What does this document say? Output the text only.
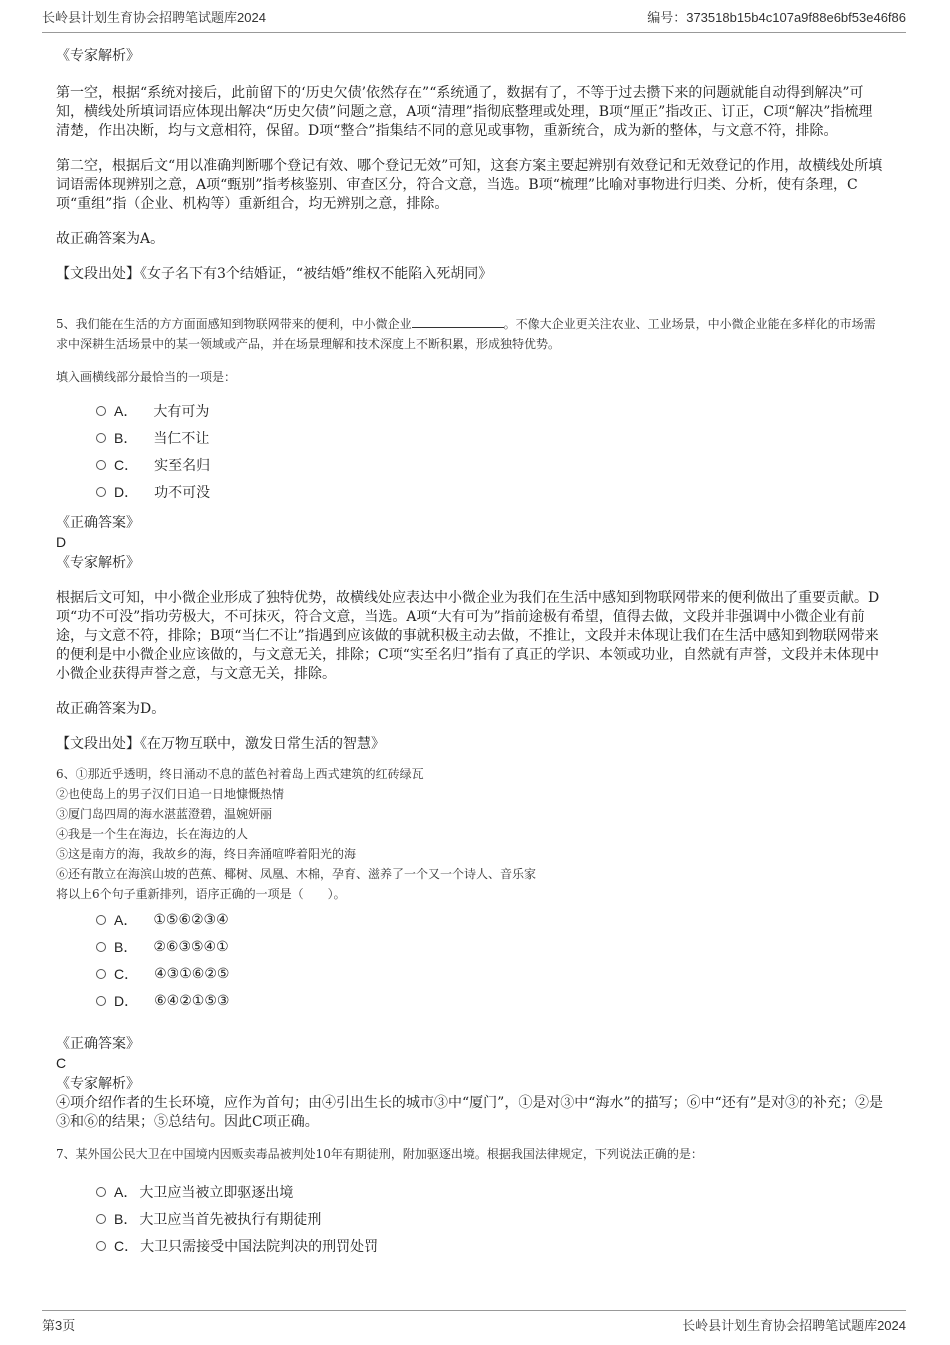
长岭县计划生育协会招聘笔试题库2024	编号：373518b15b4c107a9f88e6bf53e46f86

《专家解析》

第一空，根据“系统对接后，此前留下的‘历史欠债’依然存在”“系统通了，数据有了，不等于过去攒下来的问题就能自动得到解决”可知，横线处所填词语应体现出解决“历史欠债”问题之意，A项“清理”指彻底整理或处理，B项“厘正”指改正、订正，C项“解决”指梳理清楚，作出决断，均与文意相符，保留。D项“整合”指集结不同的意见或事物，重新统合，成为新的整体，与文意不符，排除。

第二空，根据后文“用以准确判断哪个登记有效、哪个登记无效”可知，这套方案主要起辨别有效登记和无效登记的作用，故横线处所填词语需体现辨别之意，A项“甄别”指考核鉴别、审查区分，符合文意，当选。B项“梳理”比喻对事物进行归类、分析，使有条理，C项“重组”指（企业、机构等）重新组合，均无辨别之意，排除。

故正确答案为A。

【文段出处】《女子名下有3个结婚证，“被结婚”维权不能陷入死胡同》

5、我们能在生活的方方面面感知到物联网带来的便利，中小微企业	。不像大企业更关注农业、工业场景，中小微企业能在多样化的市场需求中深耕生活场景中的某一领域或产品，并在场景理解和技术深度上不断积累，形成独特优势。

填入画横线部分最恰当的一项是：

A． 大有可为
B． 当仁不让
C． 实至名归
D． 功不可没

《正确答案》

D

《专家解析》

根据后文可知，中小微企业形成了独特优势，故横线处应表达中小微企业为我们在生活中感知到物联网带来的便利做出了重要贡献。D项“功不可没”指功劳极大，不可抹灭，符合文意，当选。A项“大有可为”指前途极有希望，值得去做，文段并非强调中小微企业有前途，与文意不符，排除；B项“当仁不让”指遇到应该做的事就积极主动去做，不推让，文段并未体现让我们在生活中感知到物联网带来的便利是中小微企业应该做的，与文意无关，排除；C项“实至名归”指有了真正的学识、本领或功业，自然就有声誉，文段并未体现中小微企业获得声誉之意，与文意无关，排除。

故正确答案为D。

【文段出处】《在万物互联中，激发日常生活的智慧》

6、①那近乎透明，终日涌动不息的蓝色衬着岛上西式建筑的红砖绿瓦

②也使岛上的男子汉们日追一日地慷慨热情

③厦门岛四周的海水湛蓝澄碧，温婉妍丽

④我是一个生在海边，长在海边的人

⑤这是南方的海，我故乡的海，终日奔涌喧哗着阳光的海

⑥还有散立在海滨山坡的芭蕉、椰树、凤凰、木棉，孕育、滋养了一个又一个诗人、音乐家

将以上6个句子重新排列，语序正确的一项是（　　）。

A． ①⑤⑥②③④
B． ②⑥③⑤④①
C． ④③①⑥②⑤
D． ⑥④②①⑤③

《正确答案》

C

《专家解析》

④项介绍作者的生长环境，应作为首句；由④引出生长的城市③中“厦门”，①是对③中“海水”的描写；⑥中“还有”是对③的补充；②是③和⑥的结果；⑤总结句。因此C项正确。

7、某外国公民大卫在中国境内因贩卖毒品被判处10年有期徒刑，附加驱逐出境。根据我国法律规定，下列说法正确的是：

A． 大卫应当被立即驱逐出境
B． 大卫应当首先被执行有期徒刑
C． 大卫只需接受中国法院判决的刑罚处罚
第3页	长岭县计划生育协会招聘笔试题库2024
